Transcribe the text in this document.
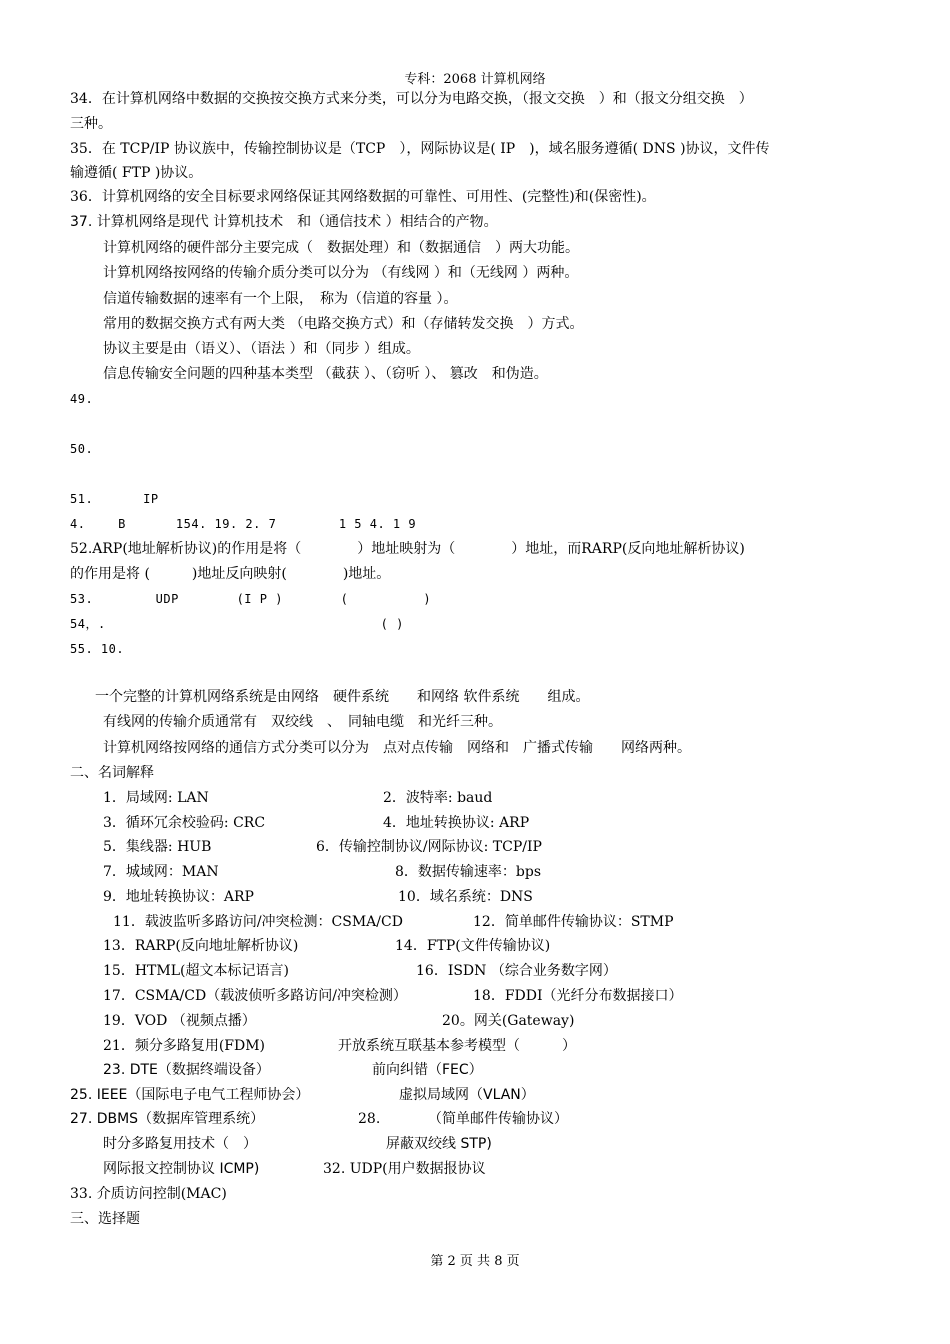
专科：2068 计算机网络
34．在计算机网络中数据的交换按交换方式来分类，可以分为电路交换，（报文交换　）和（报文分组交换　）
三种。
35．在 TCP/IP 协议族中，传输控制协议是（TCP　），网际协议是( IP　)，域名服务遵循( DNS )协议，文件传
输遵循( FTP )协议。
36．计算机网络的安全目标要求网络保证其网络数据的可靠性、可用性、(完整性)和(保密性)。
37. 计算机网络是现代 计算机技术　和（通信技术 ）相结合的产物。
计算机网络的硬件部分主要完成（　数据处理）和（数据通信　）两大功能。
计算机网络按网络的传输介质分类可以分为 （有线网 ）和（无线网 ）两种。
信道传输数据的速率有一个上限，　称为（信道的容量 ）。
常用的数据交换方式有两大类 （电路交换方式）和（存储转发交换　）方式。
协议主要是由（语义）、（语法 ）和（同步 ）组成。
信息传输安全问题的四种基本类型 （截获 ）、（窃听 ）、 篡改　和伪造。
49.　　　　　　　　　　　　　　　　　　　　　　　　　　　　　　　　　　　　　　　　　　　　

50.　　　　　　　　　　　　　　　　　　　　　　　　　　　　　　　　　　　　　　　　　　　　

51.　　　　IP　　　　　　　　　　　　　　　　　　　　　　　　　　　　
4.　　 B　　　　154. 19. 2. 7　　　　　1 5 4. 1 9 　　　　　　
52.ARP(地址解析协议)的作用是将（　　　　）地址映射为（　　　　）地址，而RARP(反向地址解析协议)
的作用是将 (　　　)地址反向映射(　　　　)地址。
53.　　　　　UDP　　　　 (I P )　　　　 (　　　　　　)　　　　　　　　　　
54，.　　　　　　　　　　　　　　　　　　　　　　( )　　　　　　　　　　　　
55. 10.　　　　　　　　　　　　　　　　　　　　　　　　　　　　　　　　　　　

一个完整的计算机网络系统是由网络　硬件系统　　和网络 软件系统　　组成。
有线网的传输介质通常有　双绞线　、　同轴电缆　和光纤三种。
计算机网络按网络的通信方式分类可以分为　点对点传输　网络和　广播式传输　　网络两种。
二、名词解释
1．局域网: LAN	2．波特率: baud
3．循环冗余校验码: CRC	4．地址转换协议: ARP
5．集线器: HUB	6．传输控制协议/网际协议: TCP/IP
7．城域网：MAN	8．数据传输速率：bps
9．地址转换协议：ARP	10．域名系统：DNS
11．载波监听多路访问/冲突检测：CSMA/CD	12．简单邮件传输协议：STMP
13．RARP(反向地址解析协议)	14．FTP(文件传输协议)
15．HTML(超文本标记语言)	16．ISDN （综合业务数字网）
17．CSMA/CD（载波侦听多路访问/冲突检测）	18．FDDI（光纤分布数据接口）
19．VOD （视频点播）	20。网关(Gateway)
21．频分多路复用(FDM)	开放系统互联基本参考模型（　　　）
23. DTE（数据终端设备）	前向纠错（FEC）
25. IEEE（国际电子电气工程师协会）	虚拟局域网（VLAN）
27. DBMS（数据库管理系统）	28.	（简单邮件传输协议）
时分多路复用技术（　）	屏蔽双绞线 STP)
网际报文控制协议 ICMP)	32. UDP(用户数据报协议
33. 介质访问控制(MAC)
三、选择题
第 2 页 共 8 页
